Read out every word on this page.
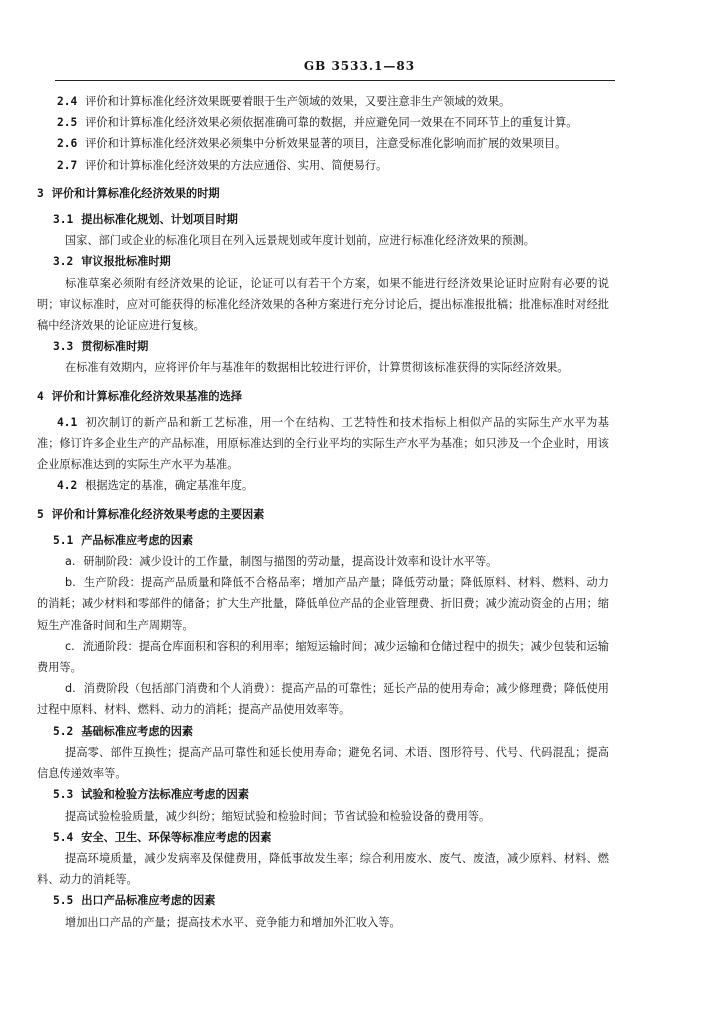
GB 3533.1—83

2.4 评价和计算标准化经济效果既要着眼于生产领域的效果，又要注意非生产领域的效果。

2.5 评价和计算标准化经济效果必须依据准确可靠的数据，并应避免同一效果在不同环节上的重复计算。

2.6 评价和计算标准化经济效果必须集中分析效果显著的项目，注意受标准化影响而扩展的效果项目。

2.7 评价和计算标准化经济效果的方法应通俗、实用、简便易行。

3 评价和计算标准化经济效果的时期

3.1 提出标准化规划、计划项目时期

国家、部门或企业的标准化项目在列入远景规划或年度计划前，应进行标准化经济效果的预测。

3.2 审议报批标准时期

标准草案必须附有经济效果的论证，论证可以有若干个方案，如果不能进行经济效果论证时应附有必要的说明；审议标准时，应对可能获得的标准化经济效果的各种方案进行充分讨论后，提出标准报批稿；批准标准时对经批稿中经济效果的论证应进行复核。

3.3 贯彻标准时期

在标准有效期内，应将评价年与基准年的数据相比较进行评价，计算贯彻该标准获得的实际经济效果。

4 评价和计算标准化经济效果基准的选择

4.1 初次制订的新产品和新工艺标准，用一个在结构、工艺特性和技术指标上相似产品的实际生产水平为基准；修订许多企业生产的产品标准，用原标准达到的全行业平均的实际生产水平为基准；如只涉及一个企业时，用该企业原标准达到的实际生产水平为基准。

4.2 根据选定的基准，确定基准年度。

5 评价和计算标准化经济效果考虑的主要因素

5.1 产品标准应考虑的因素

a. 研制阶段：减少设计的工作量，制图与描图的劳动量，提高设计效率和设计水平等。

b. 生产阶段：提高产品质量和降低不合格品率；增加产品产量；降低劳动量；降低原料、材料、燃料、动力的消耗；减少材料和零部件的储备；扩大生产批量，降低单位产品的企业管理费、折旧费；减少流动资金的占用；缩短生产准备时间和生产周期等。

c. 流通阶段：提高仓库面积和容积的利用率；缩短运输时间；减少运输和仓储过程中的损失；减少包装和运输费用等。

d. 消费阶段（包括部门消费和个人消费）：提高产品的可靠性；延长产品的使用寿命；减少修理费；降低使用过程中原料、材料、燃料、动力的消耗；提高产品使用效率等。

5.2 基础标准应考虑的因素

提高零、部件互换性；提高产品可靠性和延长使用寿命；避免名词、术语、图形符号、代号、代码混乱；提高信息传递效率等。

5.3 试验和检验方法标准应考虑的因素

提高试验检验质量，减少纠纷；缩短试验和检验时间；节省试验和检验设备的费用等。

5.4 安全、卫生、环保等标准应考虑的因素

提高环境质量，减少发病率及保健费用，降低事故发生率；综合利用废水、废气、废渣，减少原料、材料、燃料、动力的消耗等。

5.5 出口产品标准应考虑的因素

增加出口产品的产量；提高技术水平、竞争能力和增加外汇收入等。
